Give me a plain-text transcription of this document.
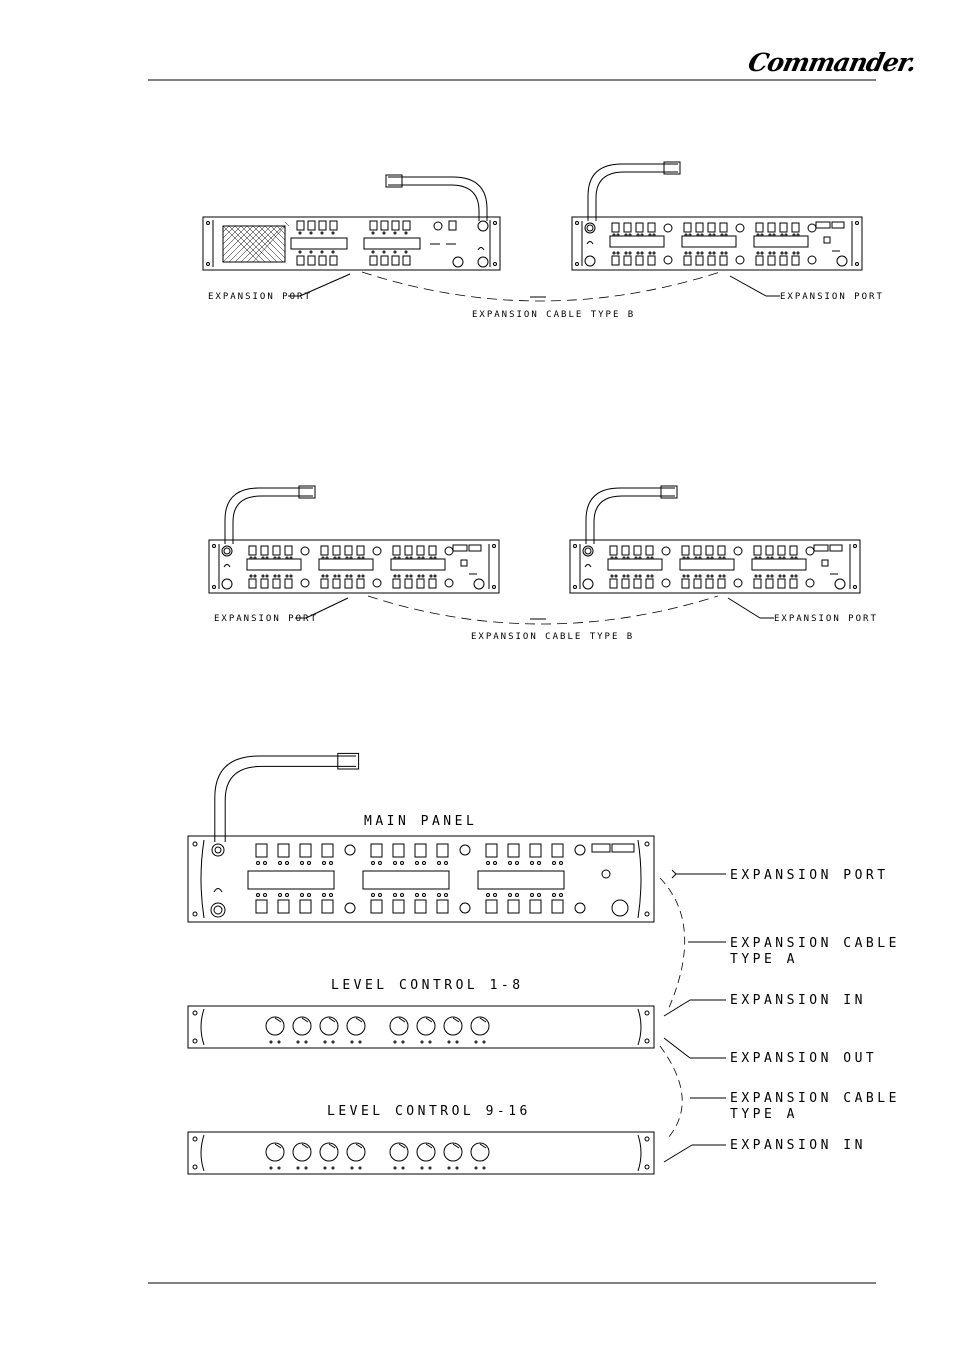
Commander.
EXPANSION PORT	EXPANSION PORT
EXPANSION CABLE TYPE B
EXPANSION PORT	EXPANSION PORT
EXPANSION CABLE TYPE B
MAIN PANEL
EXPANSION PORT
EXPANSION CABLE
TYPE A
LEVEL CONTROL 1-8
EXPANSION IN
EXPANSION OUT
EXPANSION CABLE
TYPE A
LEVEL CONTROL 9-16
EXPANSION IN
